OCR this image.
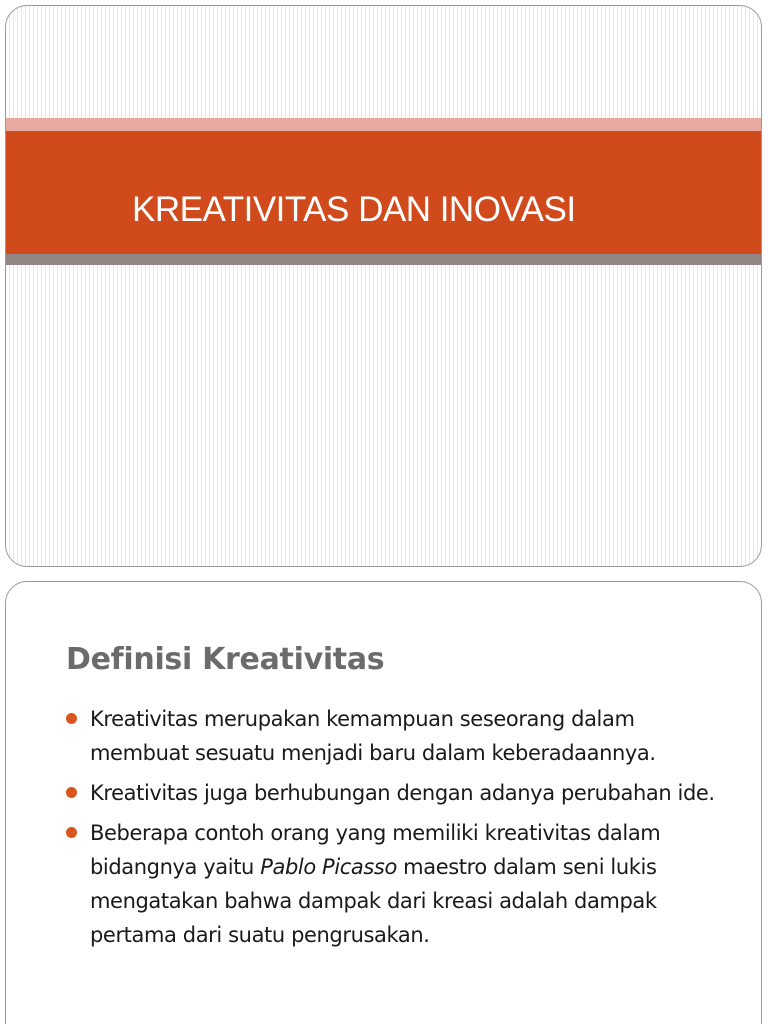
KREATIVITAS DAN INOVASI
Definisi Kreativitas
Kreativitas merupakan kemampuan seseorang dalam membuat sesuatu menjadi baru dalam keberadaannya.
Kreativitas juga berhubungan dengan adanya perubahan ide.
Beberapa contoh orang yang memiliki kreativitas dalam bidangnya yaitu Pablo Picasso maestro dalam seni lukis mengatakan bahwa dampak dari kreasi adalah dampak pertama dari suatu pengrusakan.
